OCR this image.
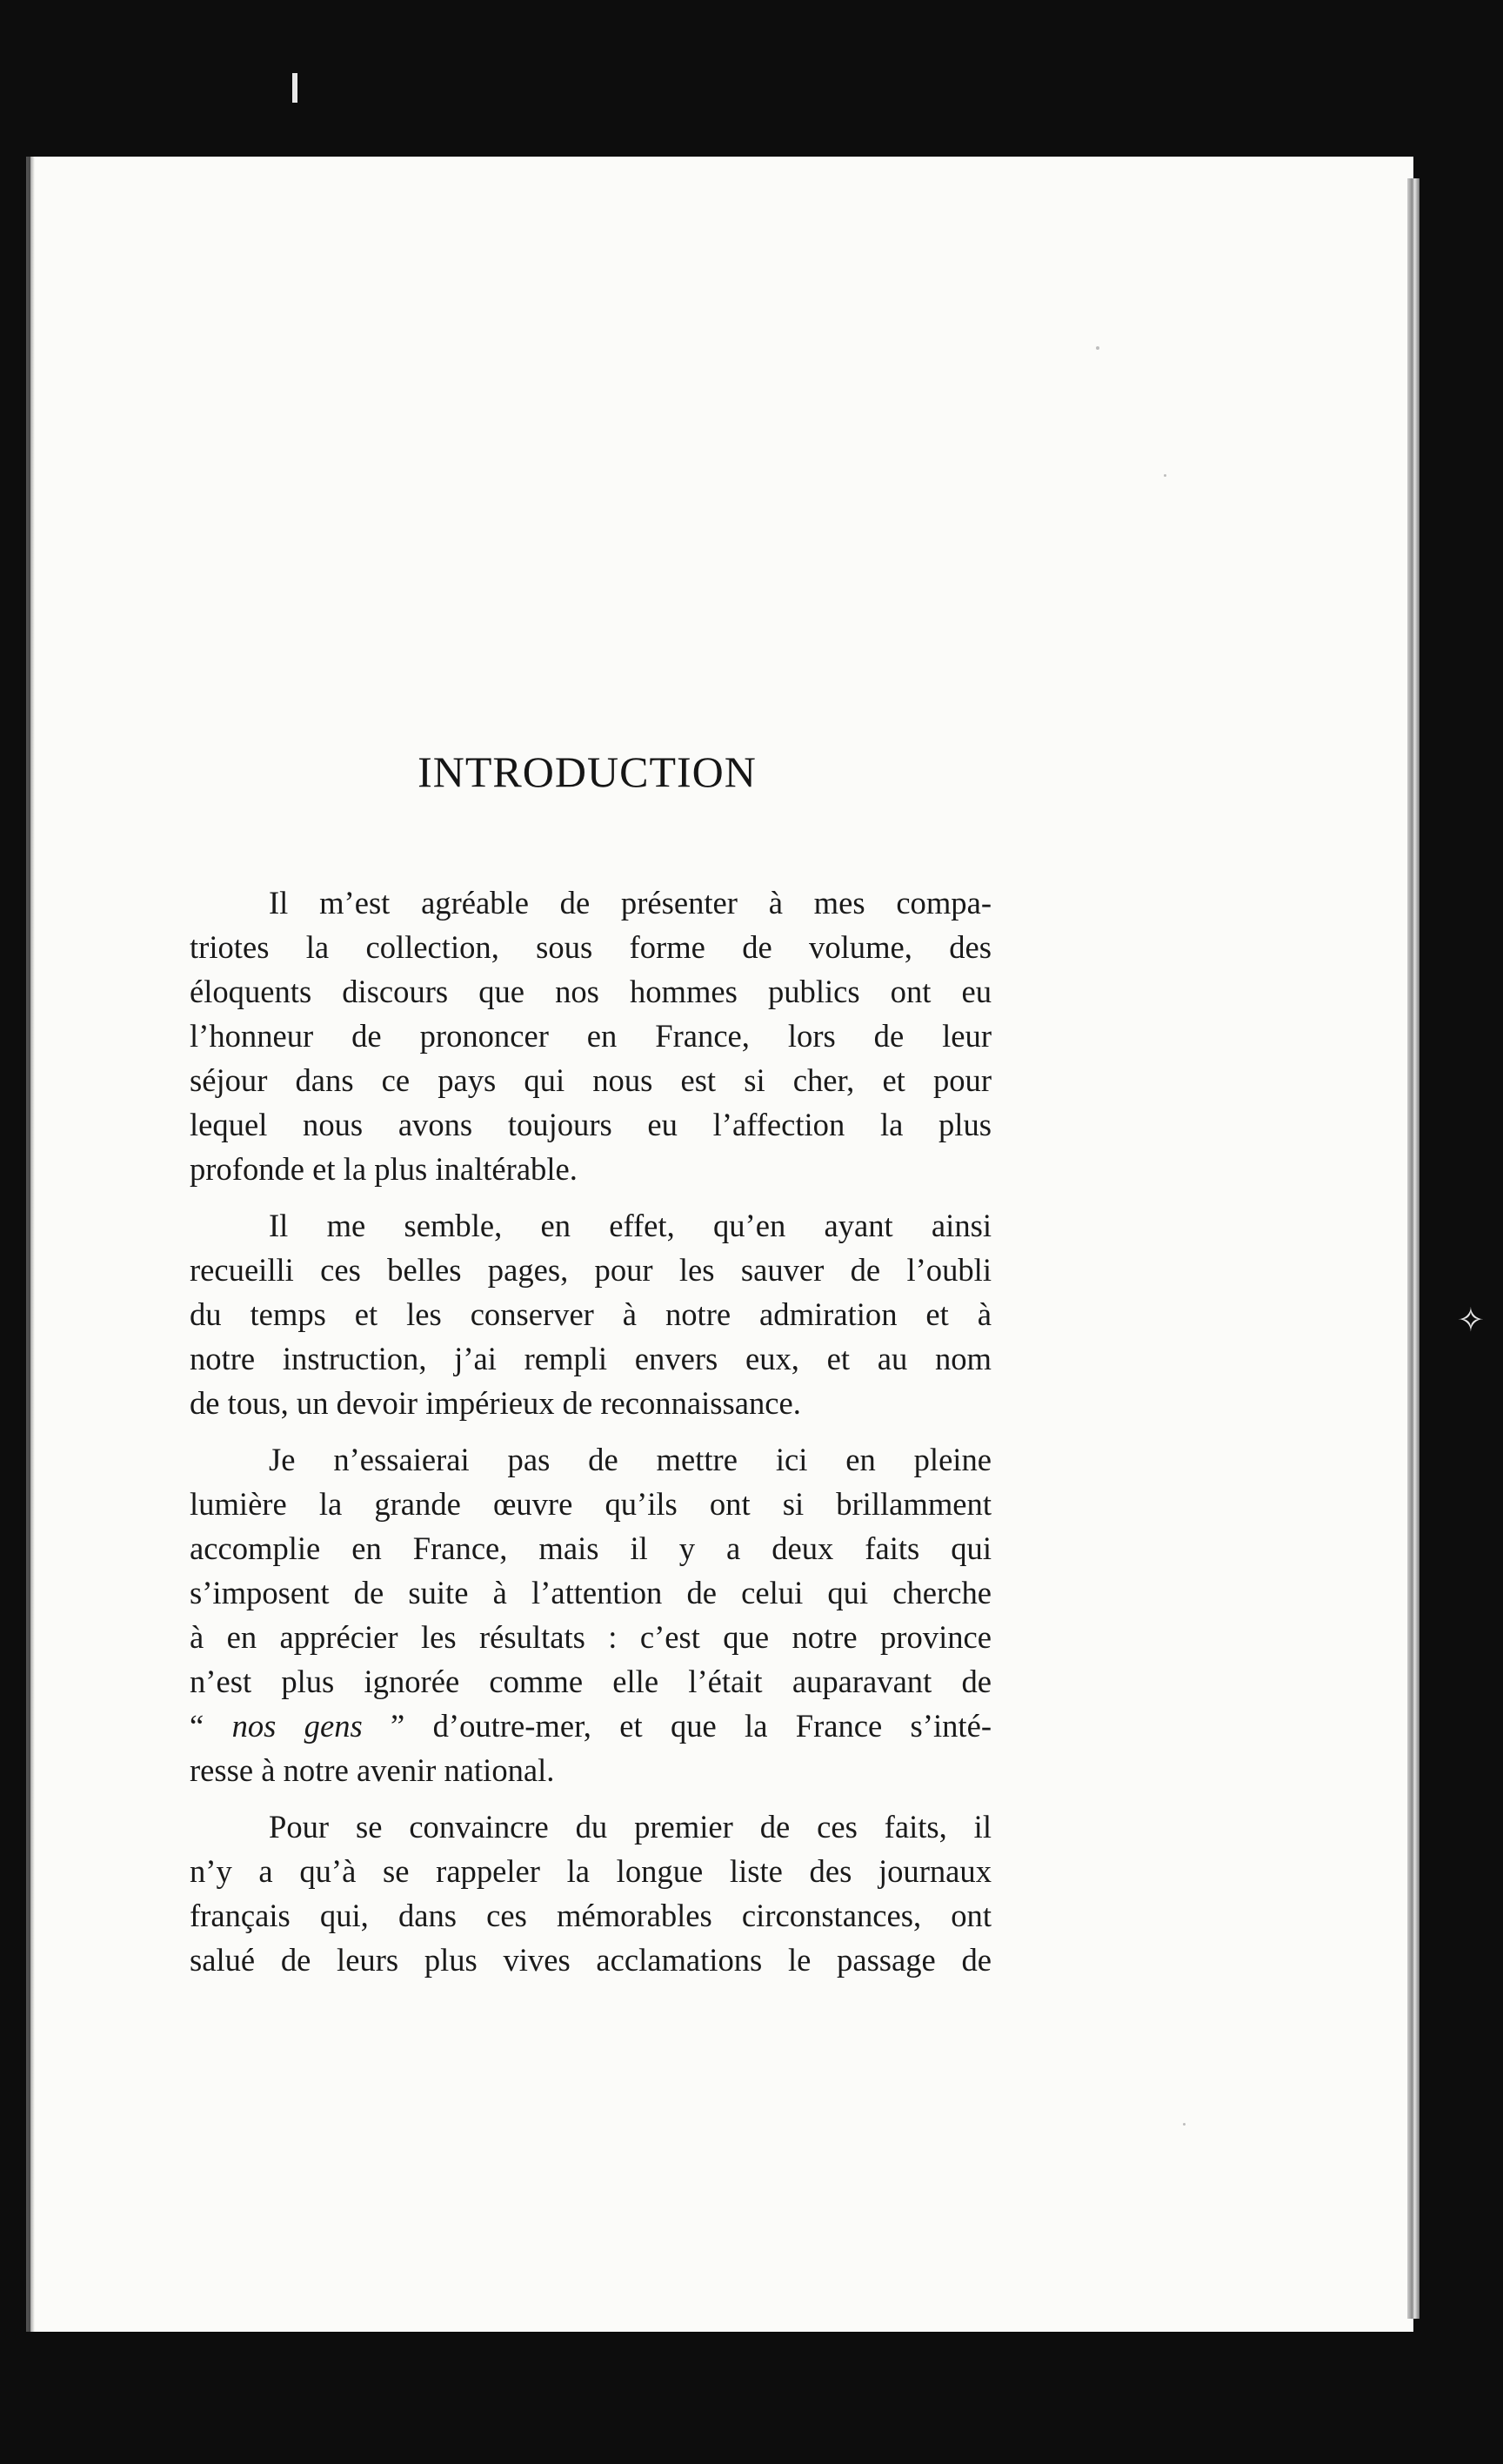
✧
INTRODUCTION

Il m’est agréable de présenter à mes compa-
triotes la collection, sous forme de volume, des
éloquents discours que nos hommes publics ont eu
l’honneur de prononcer en France, lors de leur
séjour dans ce pays qui nous est si cher, et pour
lequel nous avons toujours eu l’affection la plus
profonde et la plus inaltérable.

Il me semble, en effet, qu’en ayant ainsi
recueilli ces belles pages, pour les sauver de l’oubli
du temps et les conserver à notre admiration et à
notre instruction, j’ai rempli envers eux, et au nom
de tous, un devoir impérieux de reconnaissance.

Je n’essaierai pas de mettre ici en pleine
lumière la grande œuvre qu’ils ont si brillamment
accomplie en France, mais il y a deux faits qui
s’imposent de suite à l’attention de celui qui cherche
à en apprécier les résultats : c’est que notre province
n’est plus ignorée comme elle l’était auparavant de
“ nos gens ” d’outre-mer, et que la France s’inté-
resse à notre avenir national.

Pour se convaincre du premier de ces faits, il
n’y a qu’à se rappeler la longue liste des journaux
français qui, dans ces mémorables circonstances, ont
salué de leurs plus vives acclamations le passage de
